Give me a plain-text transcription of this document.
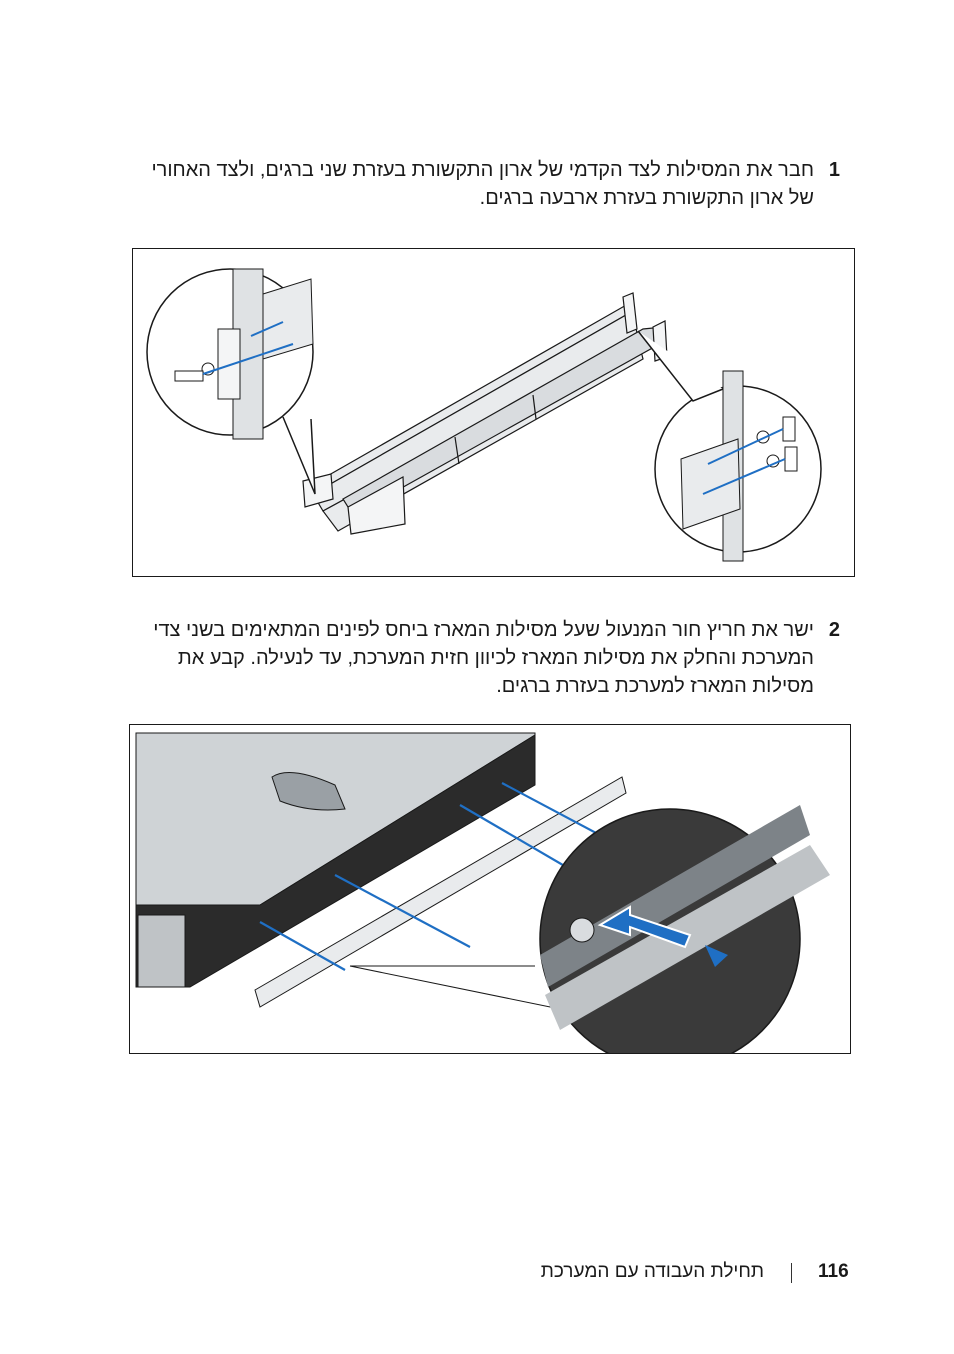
1
חבר את המסילות לצד הקדמי של ארון התקשורת בעזרת שני ברגים, ולצד האחורי של ארון התקשורת בעזרת ארבעה ברגים.
2
ישר את חריץ חור המנעול שעל מסילות המארז ביחס לפינים המתאימים בשני צדי המערכת והחלק את מסילות המארז לכיוון חזית המערכת, עד לנעילה. קבע את מסילות המארז למערכת בעזרת ברגים.
116
תחילת העבודה עם המערכת
